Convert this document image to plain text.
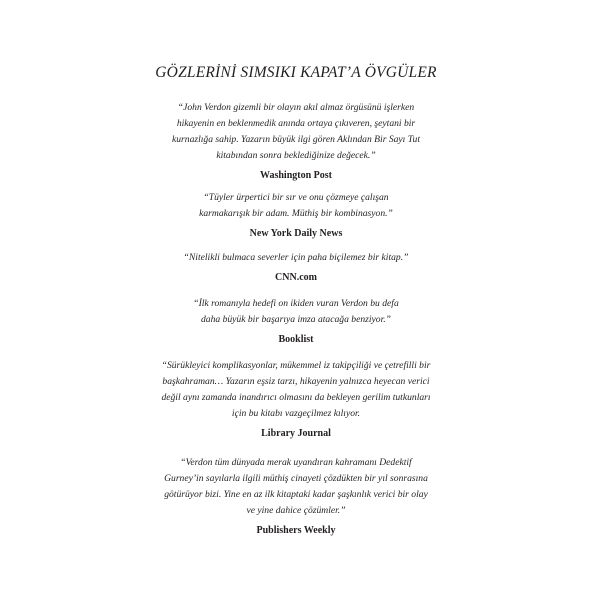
GÖZLERİNİ SIMSIKI KAPAT’A ÖVGÜLER

“John Verdon gizemli bir olayın akıl almaz örgüsünü işlerken
hikayenin en beklenmedik anında ortaya çıkıveren, şeytani bir
kurnazlığa sahip. Yazarın büyük ilgi gören Aklından Bir Sayı Tut
kitabından sonra beklediğinize değecek.”

Washington Post

“Tüyler ürpertici bir sır ve onu çözmeye çalışan
karmakarışık bir adam. Müthiş bir kombinasyon.”

New York Daily News

“Nitelikli bulmaca severler için paha biçilemez bir kitap.”

CNN.com

“İlk romanıyla hedefi on ikiden vuran Verdon bu defa
daha büyük bir başarıya imza atacağa benziyor.”

Booklist

“Sürükleyici komplikasyonlar, mükemmel iz takipçiliği ve çetrefilli bir
başkahraman… Yazarın eşsiz tarzı, hikayenin yalnızca heyecan verici
değil aynı zamanda inandırıcı olmasını da bekleyen gerilim tutkunları
için bu kitabı vazgeçilmez kılıyor.

Library Journal

“Verdon tüm dünyada merak uyandıran kahramanı Dedektif
Gurney’in sayılarla ilgili müthiş cinayeti çözdükten bir yıl sonrasına
götürüyor bizi. Yine en az ilk kitaptaki kadar şaşkınlık verici bir olay
ve yine dahice çözümler.”

Publishers Weekly
